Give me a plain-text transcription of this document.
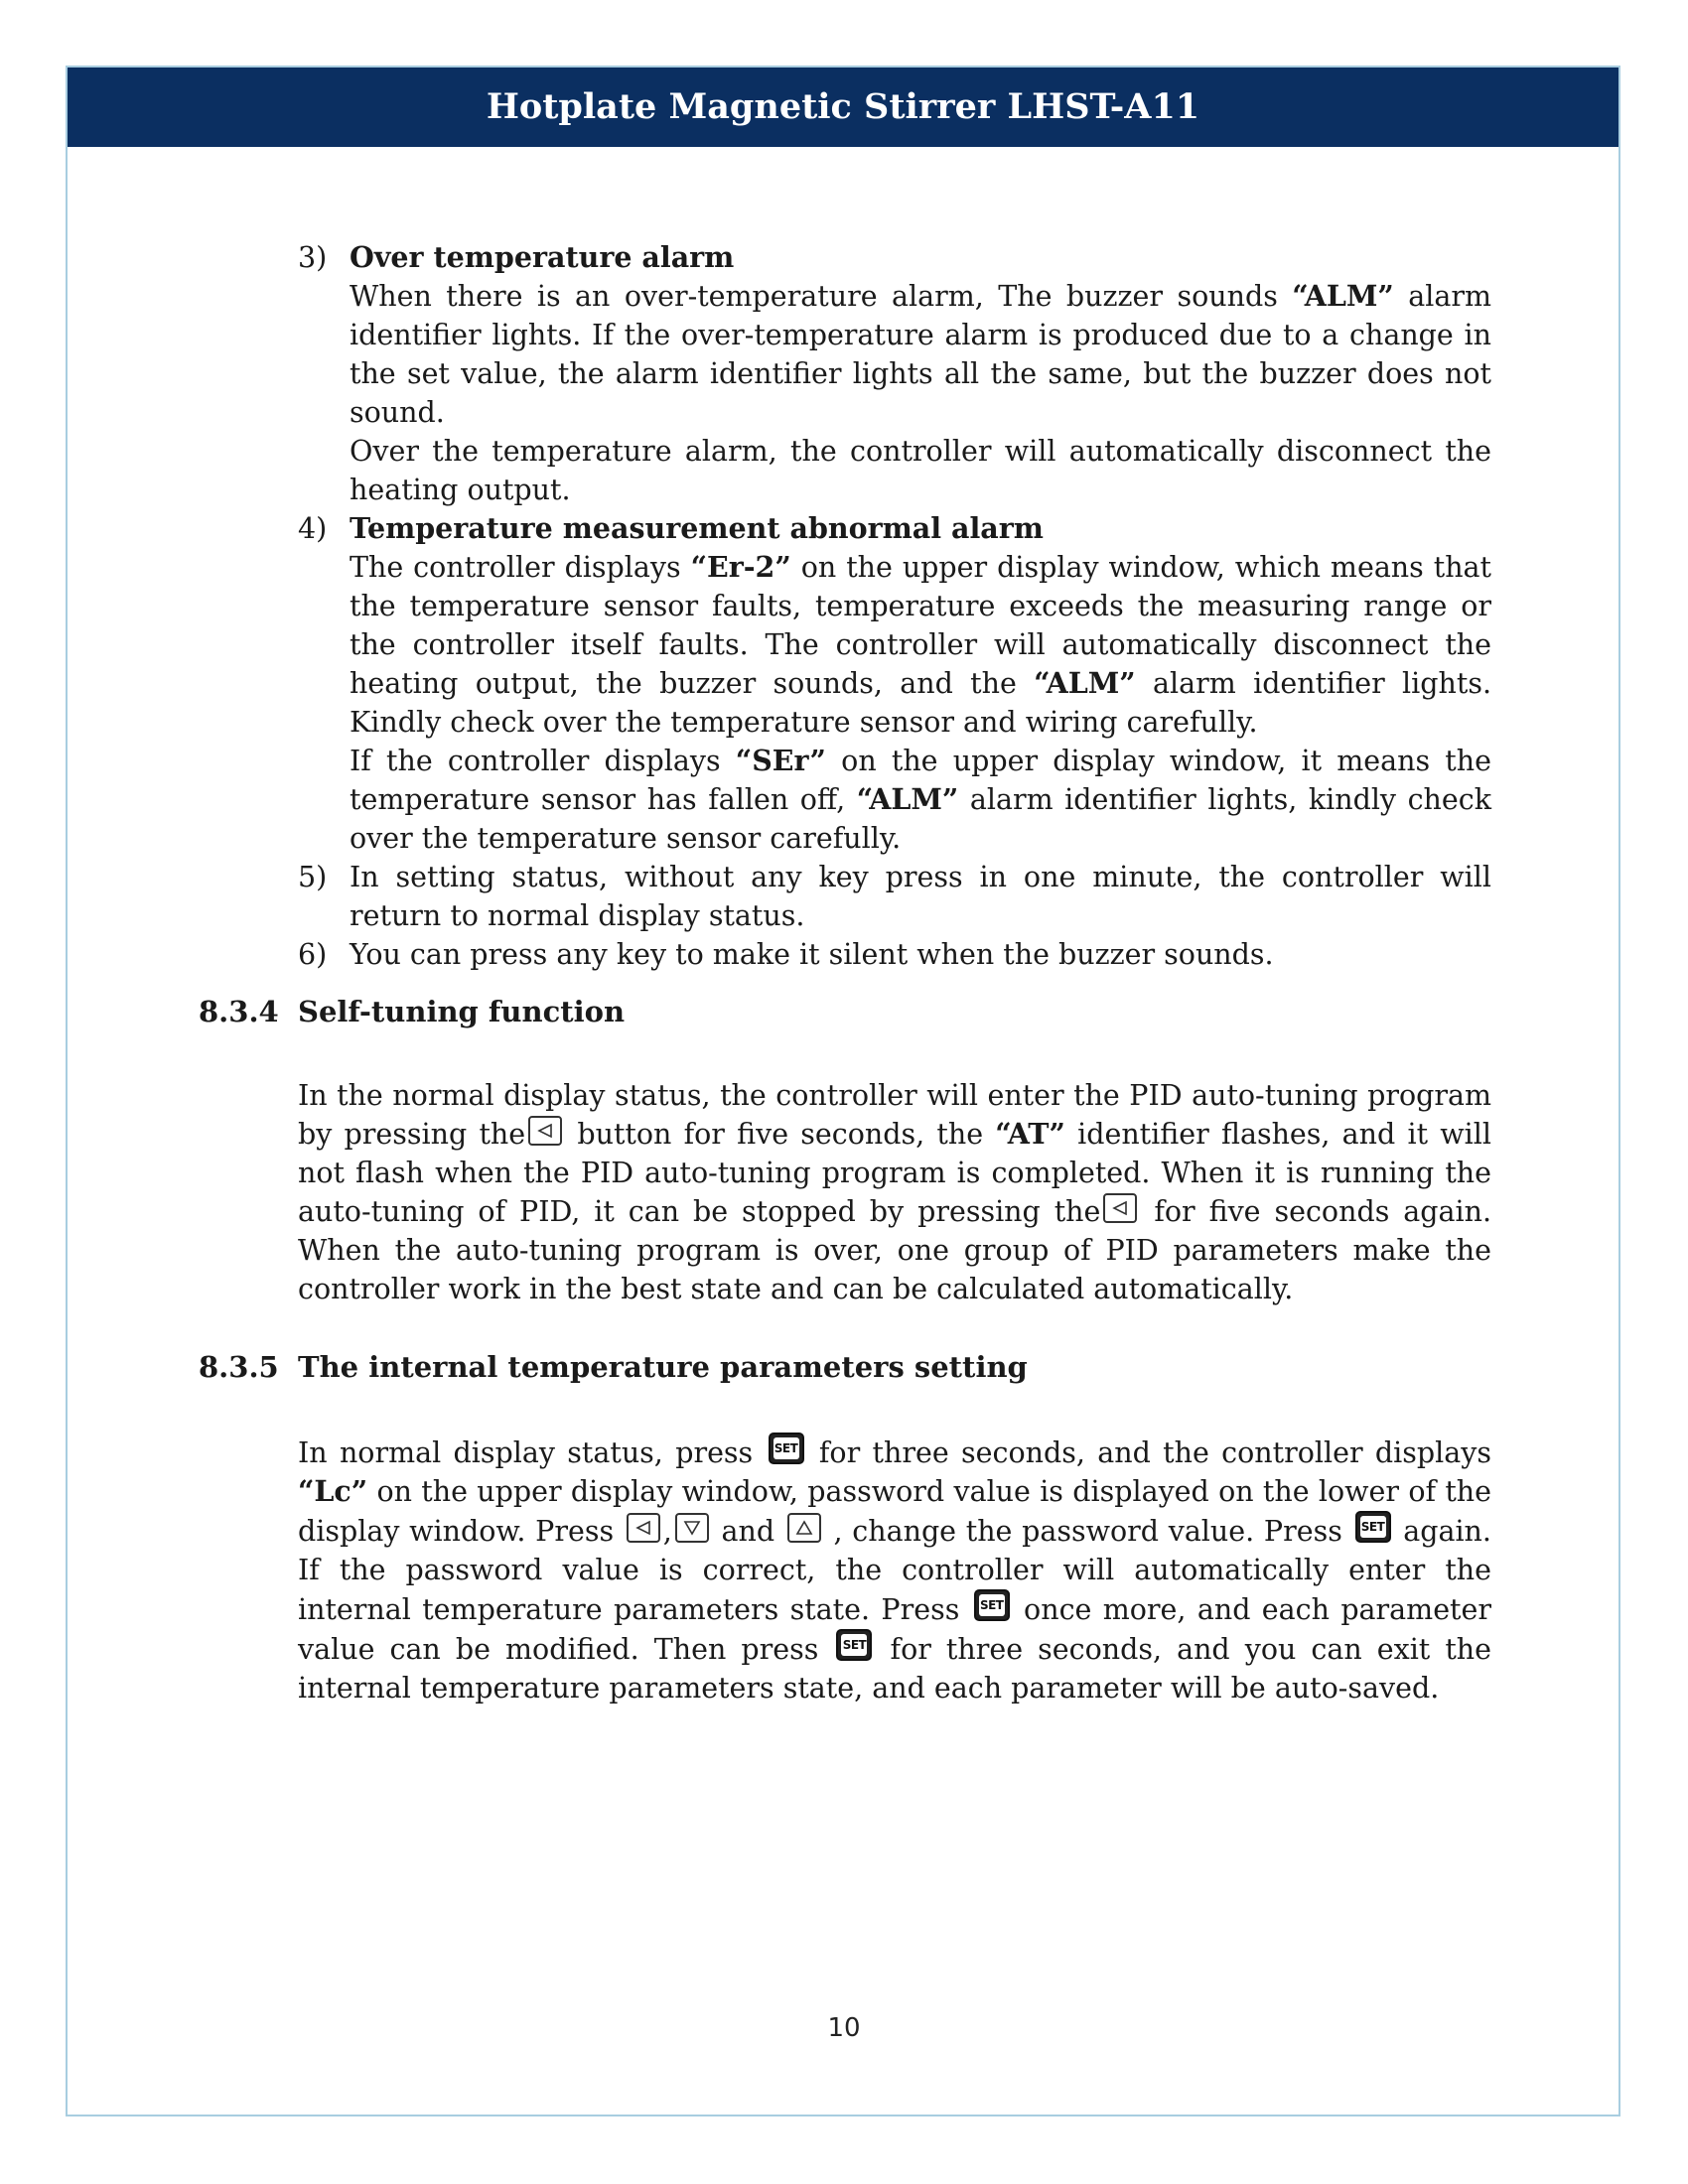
Hotplate Magnetic Stirrer LHST-A11
3) Over temperature alarm

When there is an over-temperature alarm, The buzzer sounds “ALM” alarm identifier lights. If the over-temperature alarm is produced due to a change in the set value, the alarm identifier lights all the same, but the buzzer does not sound.

Over the temperature alarm, the controller will automatically disconnect the heating output.

4) Temperature measurement abnormal alarm

The controller displays “Er-2” on the upper display window, which means that the temperature sensor faults, temperature exceeds the measuring range or the controller itself faults. The controller will automatically disconnect the heating output, the buzzer sounds, and the “ALM” alarm identifier lights. Kindly check over the temperature sensor and wiring carefully.

If the controller displays “SEr” on the upper display window, it means the temperature sensor has fallen off, “ALM” alarm identifier lights, kindly check over the temperature sensor carefully.

5) In setting status, without any key press in one minute, the controller will return to normal display status.

6) You can press any key to make it silent when the buzzer sounds.

8.3.4 Self-tuning function

In the normal display status, the controller will enter the PID auto-tuning program by pressing the
button for five seconds, the “AT” identifier flashes, and it will not flash when the PID auto-tuning program is completed. When it is running the auto-tuning of PID, it can be stopped by pressing the
for five seconds again. When the auto-tuning program is over, one group of PID parameters make the controller work in the best state and can be calculated automatically.

8.3.5 The internal temperature parameters setting

In normal display status, press SET for three seconds, and the controller displays “Lc” on the upper display window, password value is displayed on the lower of the display window. Press
,
and
, change the password value. Press SET again. If the password value is correct, the controller will automatically enter the internal temperature parameters state. Press SET once more, and each parameter value can be modified. Then press SET for three seconds, and you can exit the internal temperature parameters state, and each parameter will be auto-saved.

10
